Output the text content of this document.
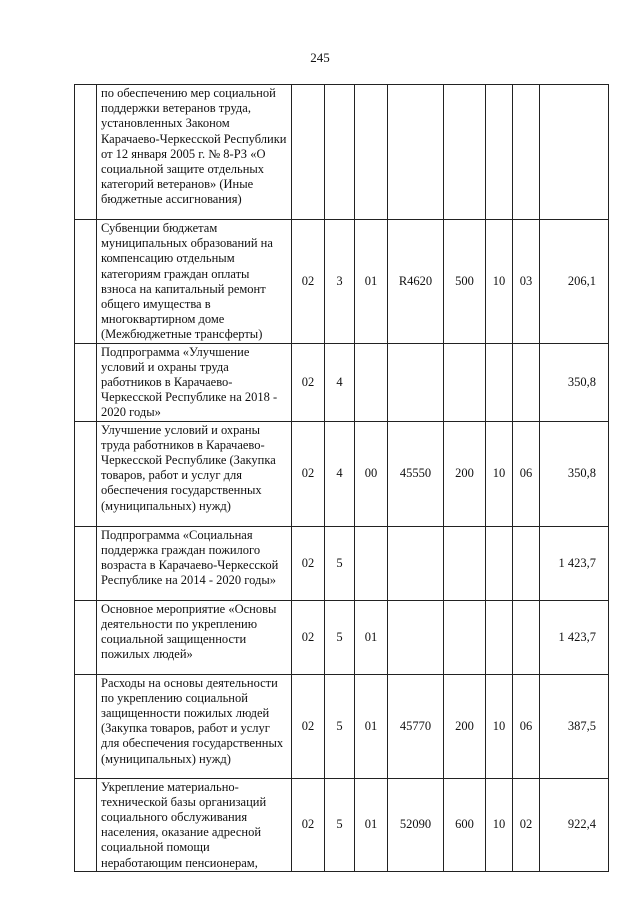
245

	по обеспечению мер социальной поддержки ветеранов труда, установленных Законом Карачаево-Черкесской Республики от 12 января 2005 г. № 8-РЗ «О социальной защите отдельных категорий ветеранов» (Иные бюджетные ассигнования)								

	Субвенции бюджетам муниципальных образований на компенсацию отдельным категориям граждан оплаты взноса на капитальный ремонт общего имущества в многоквартирном доме (Межбюджетные трансферты)	02	3	01	R4620	500	10	03	206,1

	Подпрограмма «Улучшение условий и охраны труда работников в Карачаево-Черкесской Республике на 2018 - 2020 годы»	02	4						350,8

	Улучшение условий и охраны труда работников в Карачаево-Черкесской Республике (Закупка товаров, работ и услуг для обеспечения государственных (муниципальных) нужд)	02	4	00	45550	200	10	06	350,8

	Подпрограмма «Социальная поддержка граждан пожилого возраста в Карачаево-Черкесской Республике на 2014 - 2020 годы»	02	5						1 423,7

	Основное мероприятие «Основы деятельности по укреплению социальной защищенности пожилых людей»	02	5	01					1 423,7

	Расходы на основы деятельности по укреплению социальной защищенности пожилых людей (Закупка товаров, работ и услуг для обеспечения государственных (муниципальных) нужд)	02	5	01	45770	200	10	06	387,5

	Укрепление материально-технической базы организаций социального обслуживания населения, оказание адресной социальной помощи неработающим пенсионерам,	02	5	01	52090	600	10	02	922,4
